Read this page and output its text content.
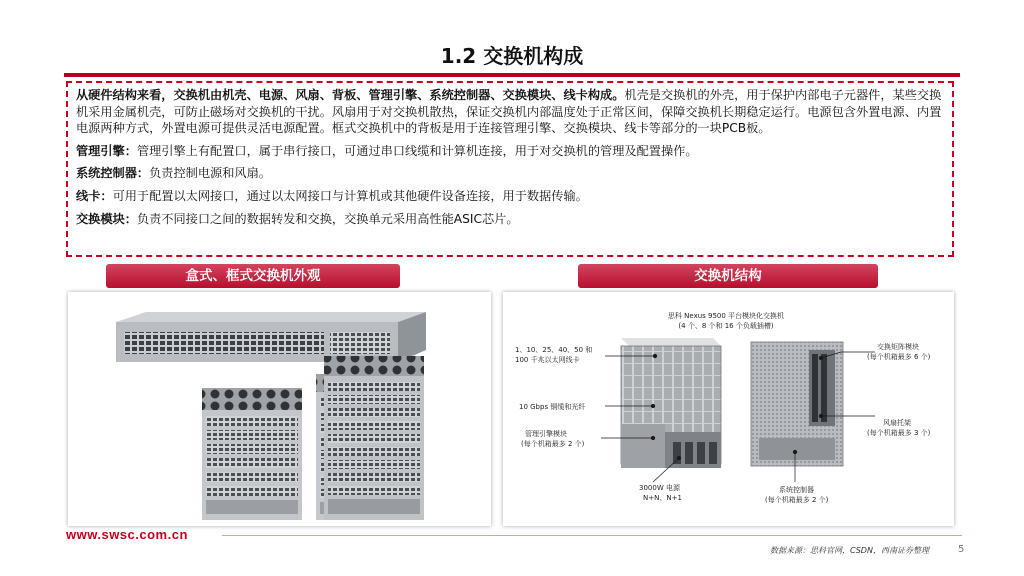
1.2 交换机构成

从硬件结构来看，交换机由机壳、电源、风扇、背板、管理引擎、系统控制器、交换模块、线卡构成。机壳是交换机的外壳，用于保护内部电子元器件，某些交换机采用金属机壳，可防止磁场对交换机的干扰。风扇用于对交换机散热，保证交换机内部温度处于正常区间，保障交换机长期稳定运行。电源包含外置电源、内置电源两种方式，外置电源可提供灵活电源配置。框式交换机中的背板是用于连接管理引擎、交换模块、线卡等部分的一块PCB板。

管理引擎：管理引擎上有配置口，属于串行接口，可通过串口线缆和计算机连接，用于对交换机的管理及配置操作。

系统控制器：负责控制电源和风扇。

线卡：可用于配置以太网接口，通过以太网接口与计算机或其他硬件设备连接，用于数据传输。

交换模块：负责不同接口之间的数据转发和交换，交换单元采用高性能ASIC芯片。

盒式、框式交换机外观	交换机结构
思科 Nexus 9500 平台模块化交换机
(4 个、8 个和 16 个负载插槽)
1、10、25、40、50 和
100 千兆以太网线卡
10 Gbps 铜缆和光纤
管理引擎模块
(每个机箱最多 2 个)
3000W 电源
N+N、N+1
交换矩阵模块
(每个机箱最多 6 个)
风扇托架
(每个机箱最多 3 个)
系统控制器
(每个机箱最多 2 个)
www.swsc.com.cn
数据来源：思科官网，CSDN，西南证券整理	5
